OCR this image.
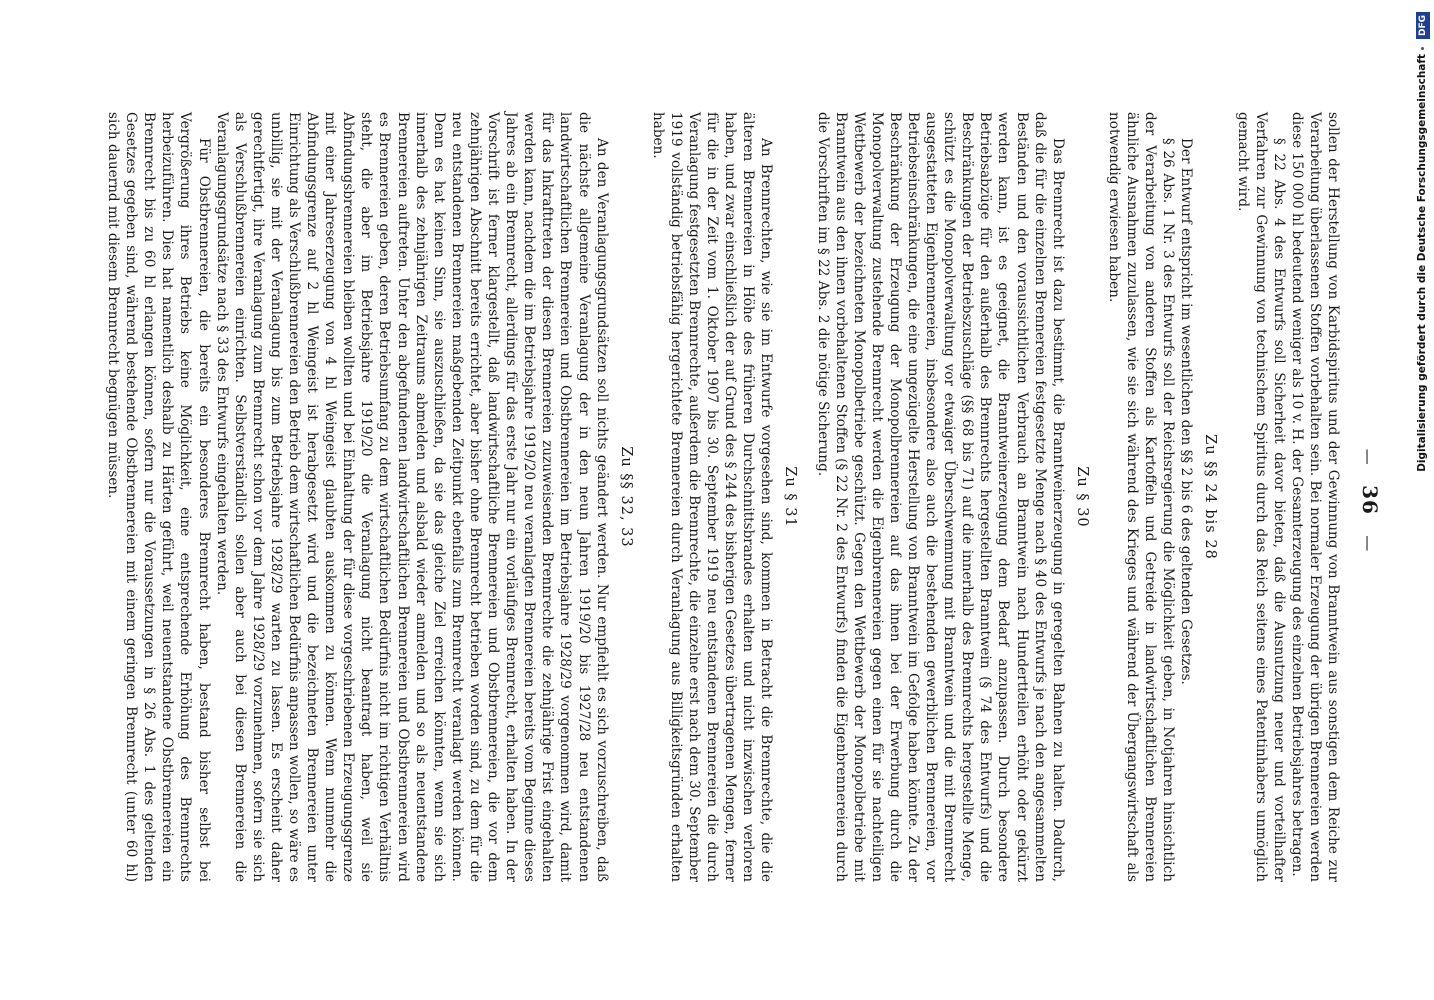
—    36    —

sollen der Herstellung von Karbidspiritus und der Gewinnung von Branntwein aus sonstigen dem Reiche zur Verarbeitung überlassenen Stoffen vorbehalten sein. Bei normaler Erzeugung der übrigen Brennereien werden diese 150 000 hl bedeutend weniger als 10 v. H. der Gesamterzeugung des einzelnen Betriebsjahres betragen.

§ 22 Abs. 4 des Entwurfs soll Sicherheit davor bieten, daß die Ausnutzung neuer und vorteilhafter Verfahren zur Gewinnung von technischem Spiritus durch das Reich seitens eines Patentinhabers unmöglich gemacht wird.

Zu §§ 24 bis 28

Der Entwurf entspricht im wesentlichen den §§ 2 bis 6 des geltenden Gesetzes.

§ 26 Abs. 1 Nr. 3 des Entwurfs soll der Reichsregierung die Möglichkeit geben, in Notjahren hinsichtlich der Verarbeitung von anderen Stoffen als Kartoffeln und Getreide in landwirtschaftlichen Brennereien ähnliche Ausnahmen zuzulassen, wie sie sich während des Krieges und während der Übergangswirtschaft als notwendig erwiesen haben.

Zu § 30

Das Brennrecht ist dazu bestimmt, die Branntweinerzeugung in geregelten Bahnen zu halten. Dadurch, daß die für die einzelnen Brennereien festgesetzte Menge nach § 40 des Entwurfs je nach den angesammelten Beständen und den voraussichtlichen Verbrauch an Branntwein nach Hundertteilen erhöht oder gekürzt werden kann, ist es geeignet, die Branntweinerzeugung dem Bedarf anzupassen. Durch besondere Betriebsabzüge für den außerhalb des Brennrechts hergestellten Branntwein (§ 74 des Entwurfs) und die Beschränkungen der Betriebszuschläge (§§ 68 bis 71) auf die innerhalb des Brennrechts hergestellte Menge, schützt es die Monopolverwaltung vor etwaiger Überschwemmung mit Branntwein und die mit Brennrecht ausgestatteten Eigenbrennereien, insbesondere also auch die bestehenden gewerblichen Brennereien, vor Betriebseinschränkungen, die eine ungezügelte Herstellung von Branntwein im Gefolge haben könnte. Zu der Beschränkung der Erzeugung der Monopolbrennereien auf das ihnen bei der Erwerbung durch die Monopolverwaltung zustehende Brennrecht werden die Eigenbrennereien gegen einen für sie nachteiligen Wettbewerb der bezeichneten Monopolbetriebe geschützt. Gegen den Wettbewerb der Monopolbetriebe mit Branntwein aus den ihnen vorbehaltenen Stoffen (§ 22 Nr. 2 des Entwurfs) finden die Eigenbrennereien durch die Vorschriften im § 22 Abs. 2 die nötige Sicherung.

Zu § 31

An Brennrechten, wie sie im Entwurfe vorgesehen sind, kommen in Betracht die Brennrechte, die die älteren Brennereien in Höhe des früheren Durchschnittsbrandes erhalten und nicht inzwischen verloren haben, und zwar einschließlich der auf Grund des § 244 des bisherigen Gesetzes übertragenen Mengen, ferner für die in der Zeit vom 1. Oktober 1907 bis 30. September 1919 neu entstandenen Brennereien die durch Veranlagung festgesetzten Brennrechte, außerdem die Brennrechte, die einzelne erst nach dem 30. September 1919 vollständig betriebsfähig hergerichtete Brennereien durch Veranlagung aus Billigkeitsgründen erhalten haben.

Zu §§ 32, 33

An den Veranlagungsgrundsätzen soll nichts geändert werden. Nur empfiehlt es sich vorzuschreiben, daß die nächste allgemeine Veranlagung der in den neun Jahren 1919/20 bis 1927/28 neu entstandenen landwirtschaftlichen Brennereien und Obstbrennereien im Betriebsjahre 1928/29 vorgenommen wird, damit für das Inkrafttreten der diesen Brennereien zuzuweisenden Brennrechte die zehnjährige Frist eingehalten werden kann, nachdem die im Betriebsjahre 1919/20 neu veranlagten Brennereien bereits vom Beginne dieses Jahres ab ein Brennrecht, allerdings für das erste Jahr nur ein vorläufiges Brennrecht, erhalten haben. In der Vorschrift ist ferner klargestellt, daß landwirtschaftliche Brennereien und Obstbrennereien, die vor dem zehnjährigen Abschnitt bereits errichtet, aber bisher ohne Brennrecht betrieben worden sind, zu dem für die neu entstandenen Brennereien maßgebenden Zeitpunkt ebenfalls zum Brennrecht veranlagt werden können. Denn es hat keinen Sinn, sie auszuschließen, da sie das gleiche Ziel erreichen könnten, wenn sie sich innerhalb des zehnjährigen Zeitraums abmelden und alsbald wieder anmelden und so als neuentstandene Brennereien auftreten. Unter den abgefundenen landwirtschaftlichen Brennereien und Obstbrennereien wird es Brennereien geben, deren Betriebsumfang zu dem wirtschaftlichen Bedürfnis nicht im richtigen Verhältnis steht, die aber im Betriebsjahre 1919/20 die Veranlagung nicht beantragt haben, weil sie Abfindungsbrennereien bleiben wollten und bei Einhaltung der für diese vorgeschriebenen Erzeugungsgrenze mit einer Jahreserzeugung von 4 hl Weingeist glaubten auskommen zu können. Wenn nunmehr die Abfindungsgrenze auf 2 hl Weingeist ist herabgesetzt wird und die bezeichneten Brennereien unter Einrichtung als Verschlußbrennereien den Betrieb dem wirtschaftlichen Bedürfnis anpassen wollen, so wäre es unbillig, sie mit der Veranlagung bis zum Betriebsjahre 1928/29 warten zu lassen. Es erscheint daher gerechtfertigt, ihre Veranlagung zum Brennrecht schon vor dem Jahre 1928/29 vorzunehmen, sofern sie sich als Verschlußbrennereien einrichten. Selbstverständlich sollen aber auch bei diesen Brennereien die Veranlagungsgrundsätze nach § 33 des Entwurfs eingehalten werden.

Für Obstbrennereien, die bereits ein besonderes Brennrecht haben, bestand bisher selbst bei Vergrößerung ihres Betriebs keine Möglichkeit, eine entsprechende Erhöhung des Brennrechts herbeizuführen. Dies hat namentlich deshalb zu Härten geführt, weil neuentstandene Obstbrennereien ein Brennrecht bis zu 60 hl erlangen können, sofern nur die Voraussetzungen in § 26 Abs. 1 des geltenden Gesetzes gegeben sind, während bestehende Obstbrennereien mit einem geringen Brennrecht (unter 60 hl) sich dauernd mit diesem Brennrecht begnügen müssen.	Digitalisierung gefördert durch die Deutsche ForschungsgemeinschaftDFG
